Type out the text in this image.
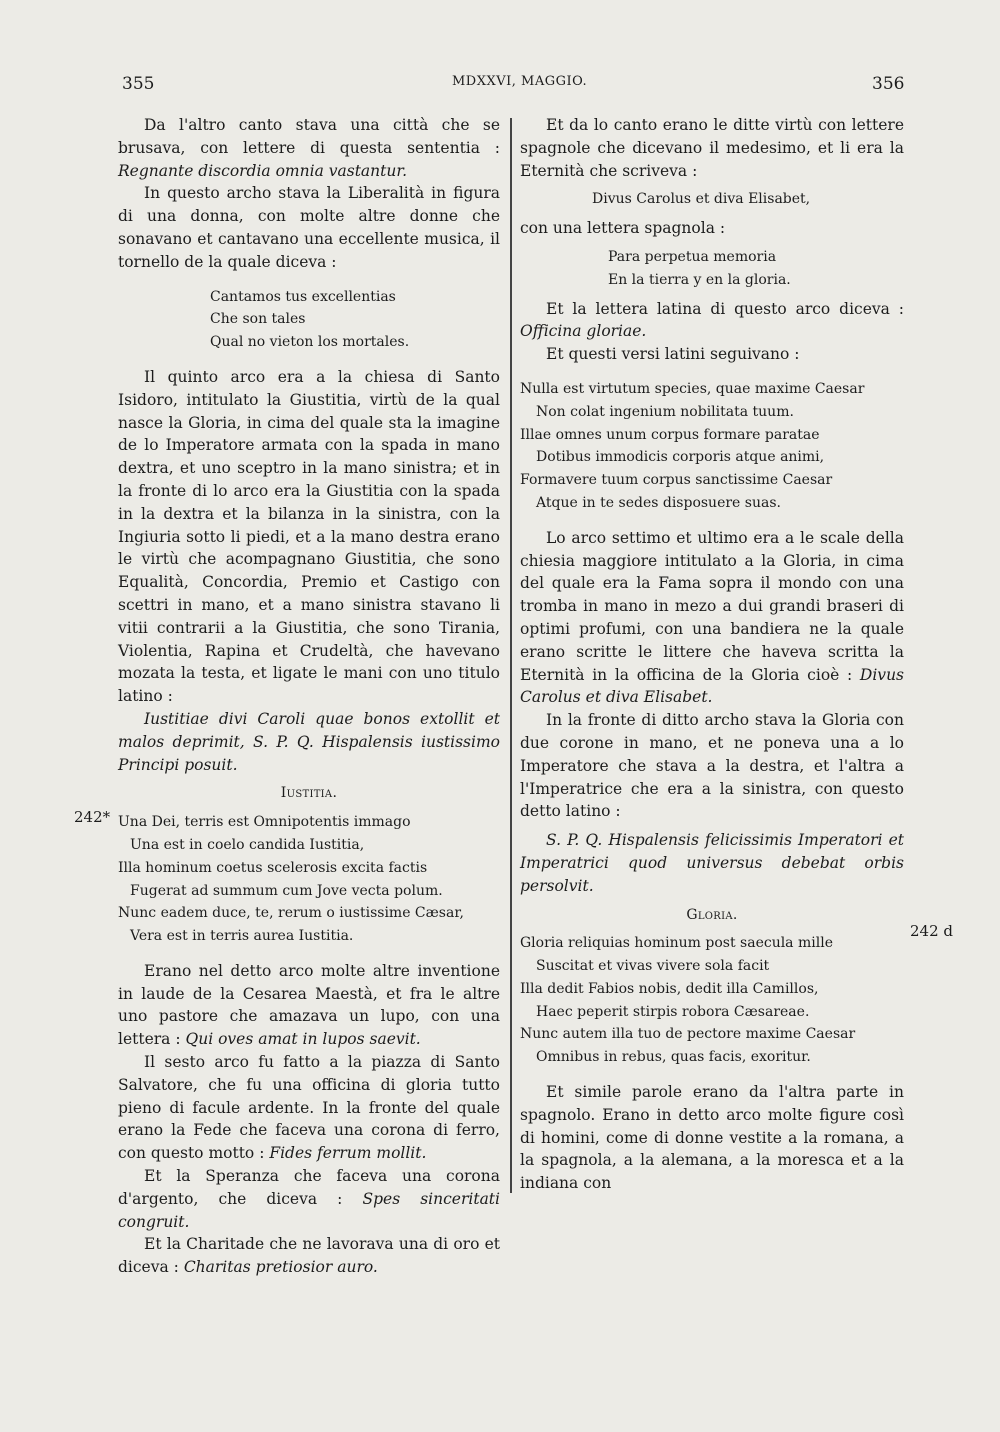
355	MDXXVI, MAGGIO.	356

Da l'altro canto stava una città che se brusava, con lettere di questa sententia : Regnante discordia omnia vastantur.

In questo archo stava la Liberalità in figura di una donna, con molte altre donne che sonavano et cantavano una eccellente musica, il tornello de la quale diceva :

Cantamos tus excellentias
Che son tales
Qual no vieton los mortales.

Il quinto arco era a la chiesa di Santo Isidoro, intitulato la Giustitia, virtù de la qual nasce la Gloria, in cima del quale sta la imagine de lo Imperatore armata con la spada in mano dextra, et uno sceptro in la mano sinistra; et in la fronte di lo arco era la Giustitia con la spada in la dextra et la bilanza in la sinistra, con la Ingiuria sotto li piedi, et a la mano destra erano le virtù che acompagnano Giustitia, che sono Equalità, Concordia, Premio et Castigo con scettri in mano, et a mano sinistra stavano li vitii contrarii a la Giustitia, che sono Tirania, Violentia, Rapina et Crudeltà, che havevano mozata la testa, et ligate le mani con uno titulo latino :

Iustitiae divi Caroli quae bonos extollit et malos deprimit, S. P. Q. Hispalensis iustissimo Principi posuit.

Iustitia.
Una Dei, terris est Omnipotentis immago
Una est in coelo candida Iustitia,
Illa hominum coetus scelerosis excita factis
Fugerat ad summum cum Jove vecta polum.
Nunc eadem duce, te, rerum o iustissime Cæsar,
Vera est in terris aurea Iustitia.

Erano nel detto arco molte altre inventione in laude de la Cesarea Maestà, et fra le altre uno pastore che amazava un lupo, con una lettera : Qui oves amat in lupos saevit.

Il sesto arco fu fatto a la piazza di Santo Salvatore, che fu una officina di gloria tutto pieno di facule ardente. In la fronte del quale erano la Fede che faceva una corona di ferro, con questo motto : Fides ferrum mollit.

Et la Speranza che faceva una corona d'argento, che diceva : Spes sinceritati congruit.

Et la Charitade che ne lavorava una di oro et diceva : Charitas pretiosior auro.

Et da lo canto erano le ditte virtù con lettere spagnole che dicevano il medesimo, et li era la Eternità che scriveva :

Divus Carolus et diva Elisabet,

con una lettera spagnola :

Para perpetua memoria
En la tierra y en la gloria.

Et la lettera latina di questo arco diceva : Officina gloriae.

Et questi versi latini seguivano :

Nulla est virtutum species, quae maxime Caesar
Non colat ingenium nobilitata tuum.
Illae omnes unum corpus formare paratae
Dotibus immodicis corporis atque animi,
Formavere tuum corpus sanctissime Caesar
Atque in te sedes disposuere suas.

Lo arco settimo et ultimo era a le scale della chiesia maggiore intitulato a la Gloria, in cima del quale era la Fama sopra il mondo con una tromba in mano in mezo a dui grandi braseri di optimi profumi, con una bandiera ne la quale erano scritte le littere che haveva scritta la Eternità in la officina de la Gloria cioè : Divus Carolus et diva Elisabet.

In la fronte di ditto archo stava la Gloria con due corone in mano, et ne poneva una a lo Imperatore che stava a la destra, et l'altra a l'Imperatrice che era a la sinistra, con questo detto latino :

S. P. Q. Hispalensis felicissimis Imperatori et Imperatrici quod universus debebat orbis persolvit.

Gloria.
Gloria reliquias hominum post saecula mille
Suscitat et vivas vivere sola facit
Illa dedit Fabios nobis, dedit illa Camillos,
Haec peperit stirpis robora Cæsareae.
Nunc autem illa tuo de pectore maxime Caesar
Omnibus in rebus, quas facis, exoritur.

Et simile parole erano da l'altra parte in spagnolo. Erano in detto arco molte figure così di homini, come di donne vestite a la romana, a la spagnola, a la alemana, a la moresca et a la indiana con

242*
242 d
